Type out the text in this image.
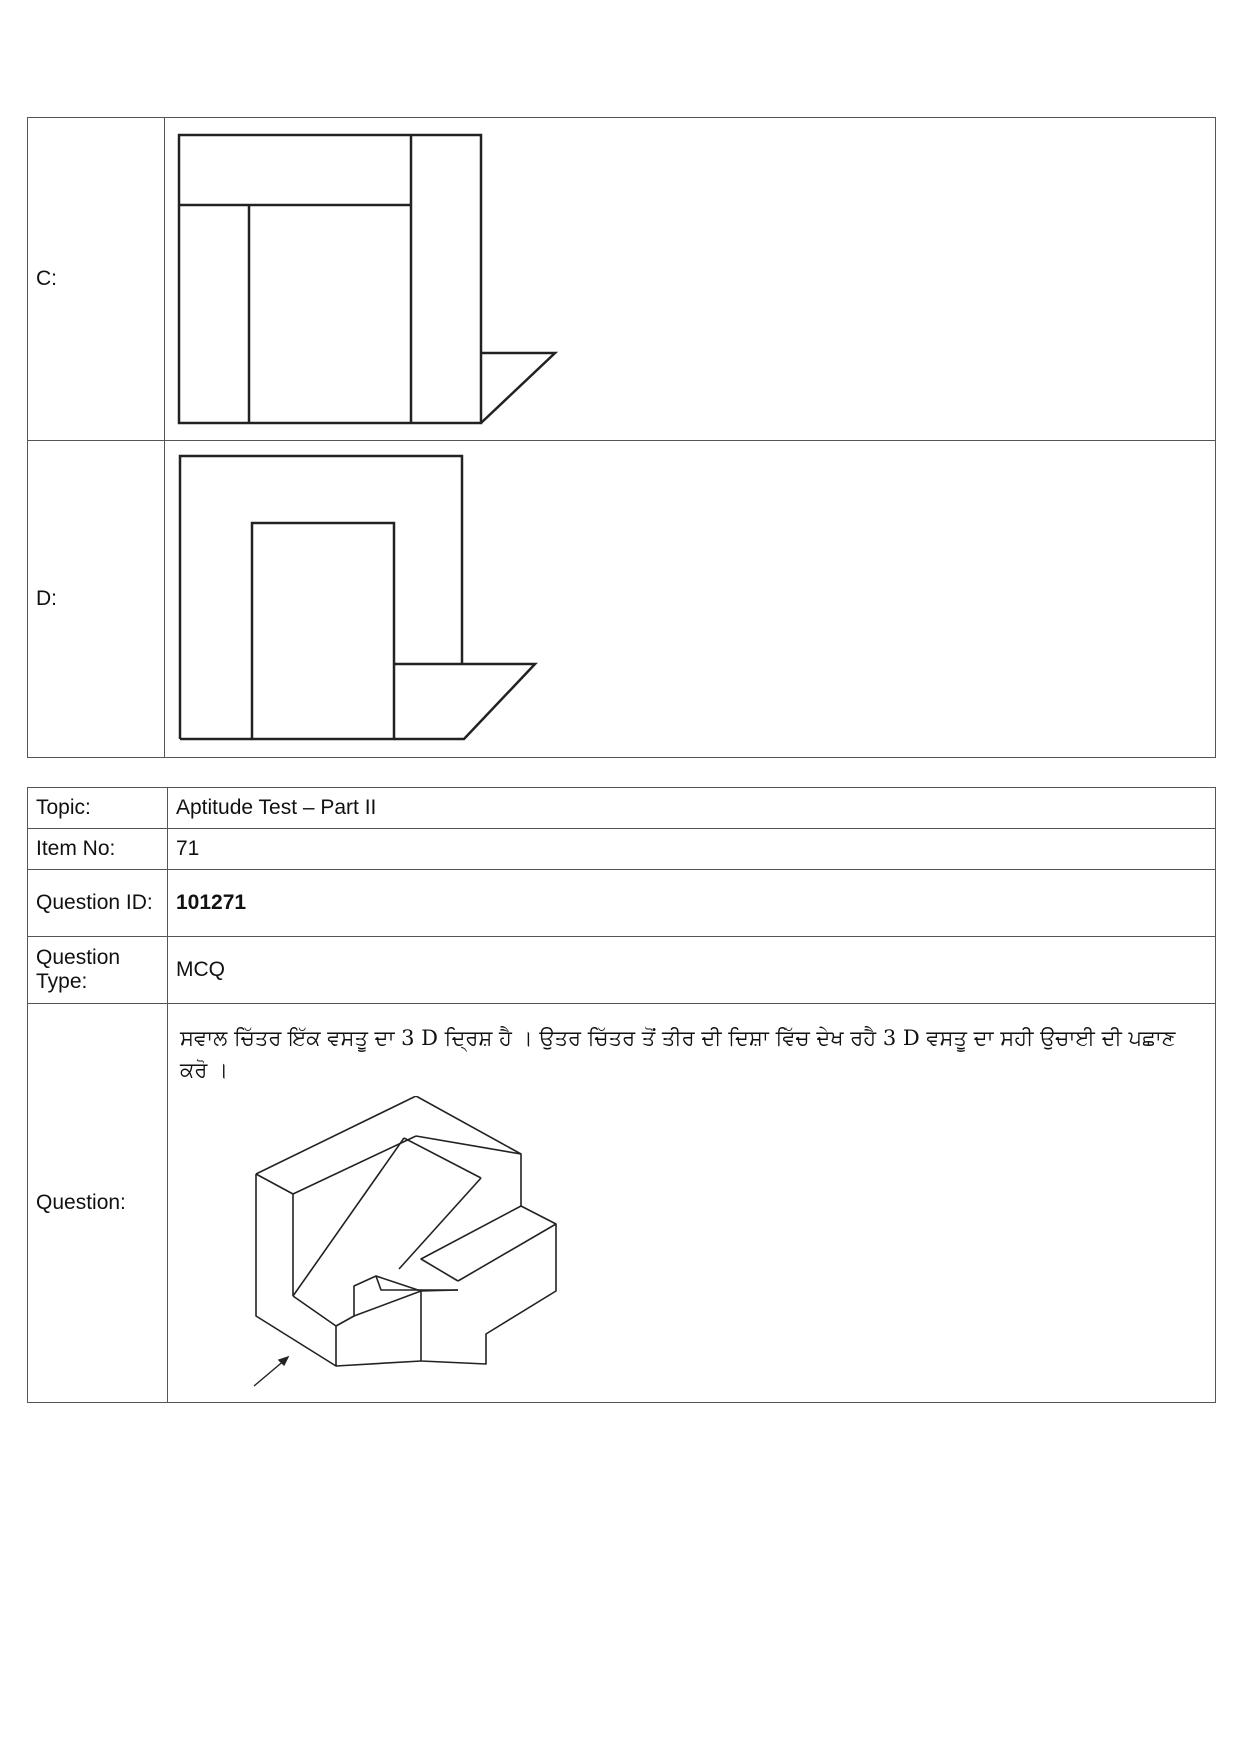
C:	

D:	
Topic:	Aptitude Test – Part II
Item No:	71
Question ID:	101271
Question Type:	MCQ
Question:	ਸਵਾਲ ਚਿੱਤਰ ਇੱਕ ਵਸਤੂ ਦਾ 3 D ਦ੍ਰਿਸ਼ ਹੈ । ਉਤਰ ਚਿੱਤਰ ਤੋਂ ਤੀਰ ਦੀ ਦਿਸ਼ਾ ਵਿੱਚ ਦੇਖ ਰਹੈ 3 D ਵਸਤੂ ਦਾ ਸਹੀ ਉਚਾਈ ਦੀ ਪਛਾਣ ਕਰੋ ।
